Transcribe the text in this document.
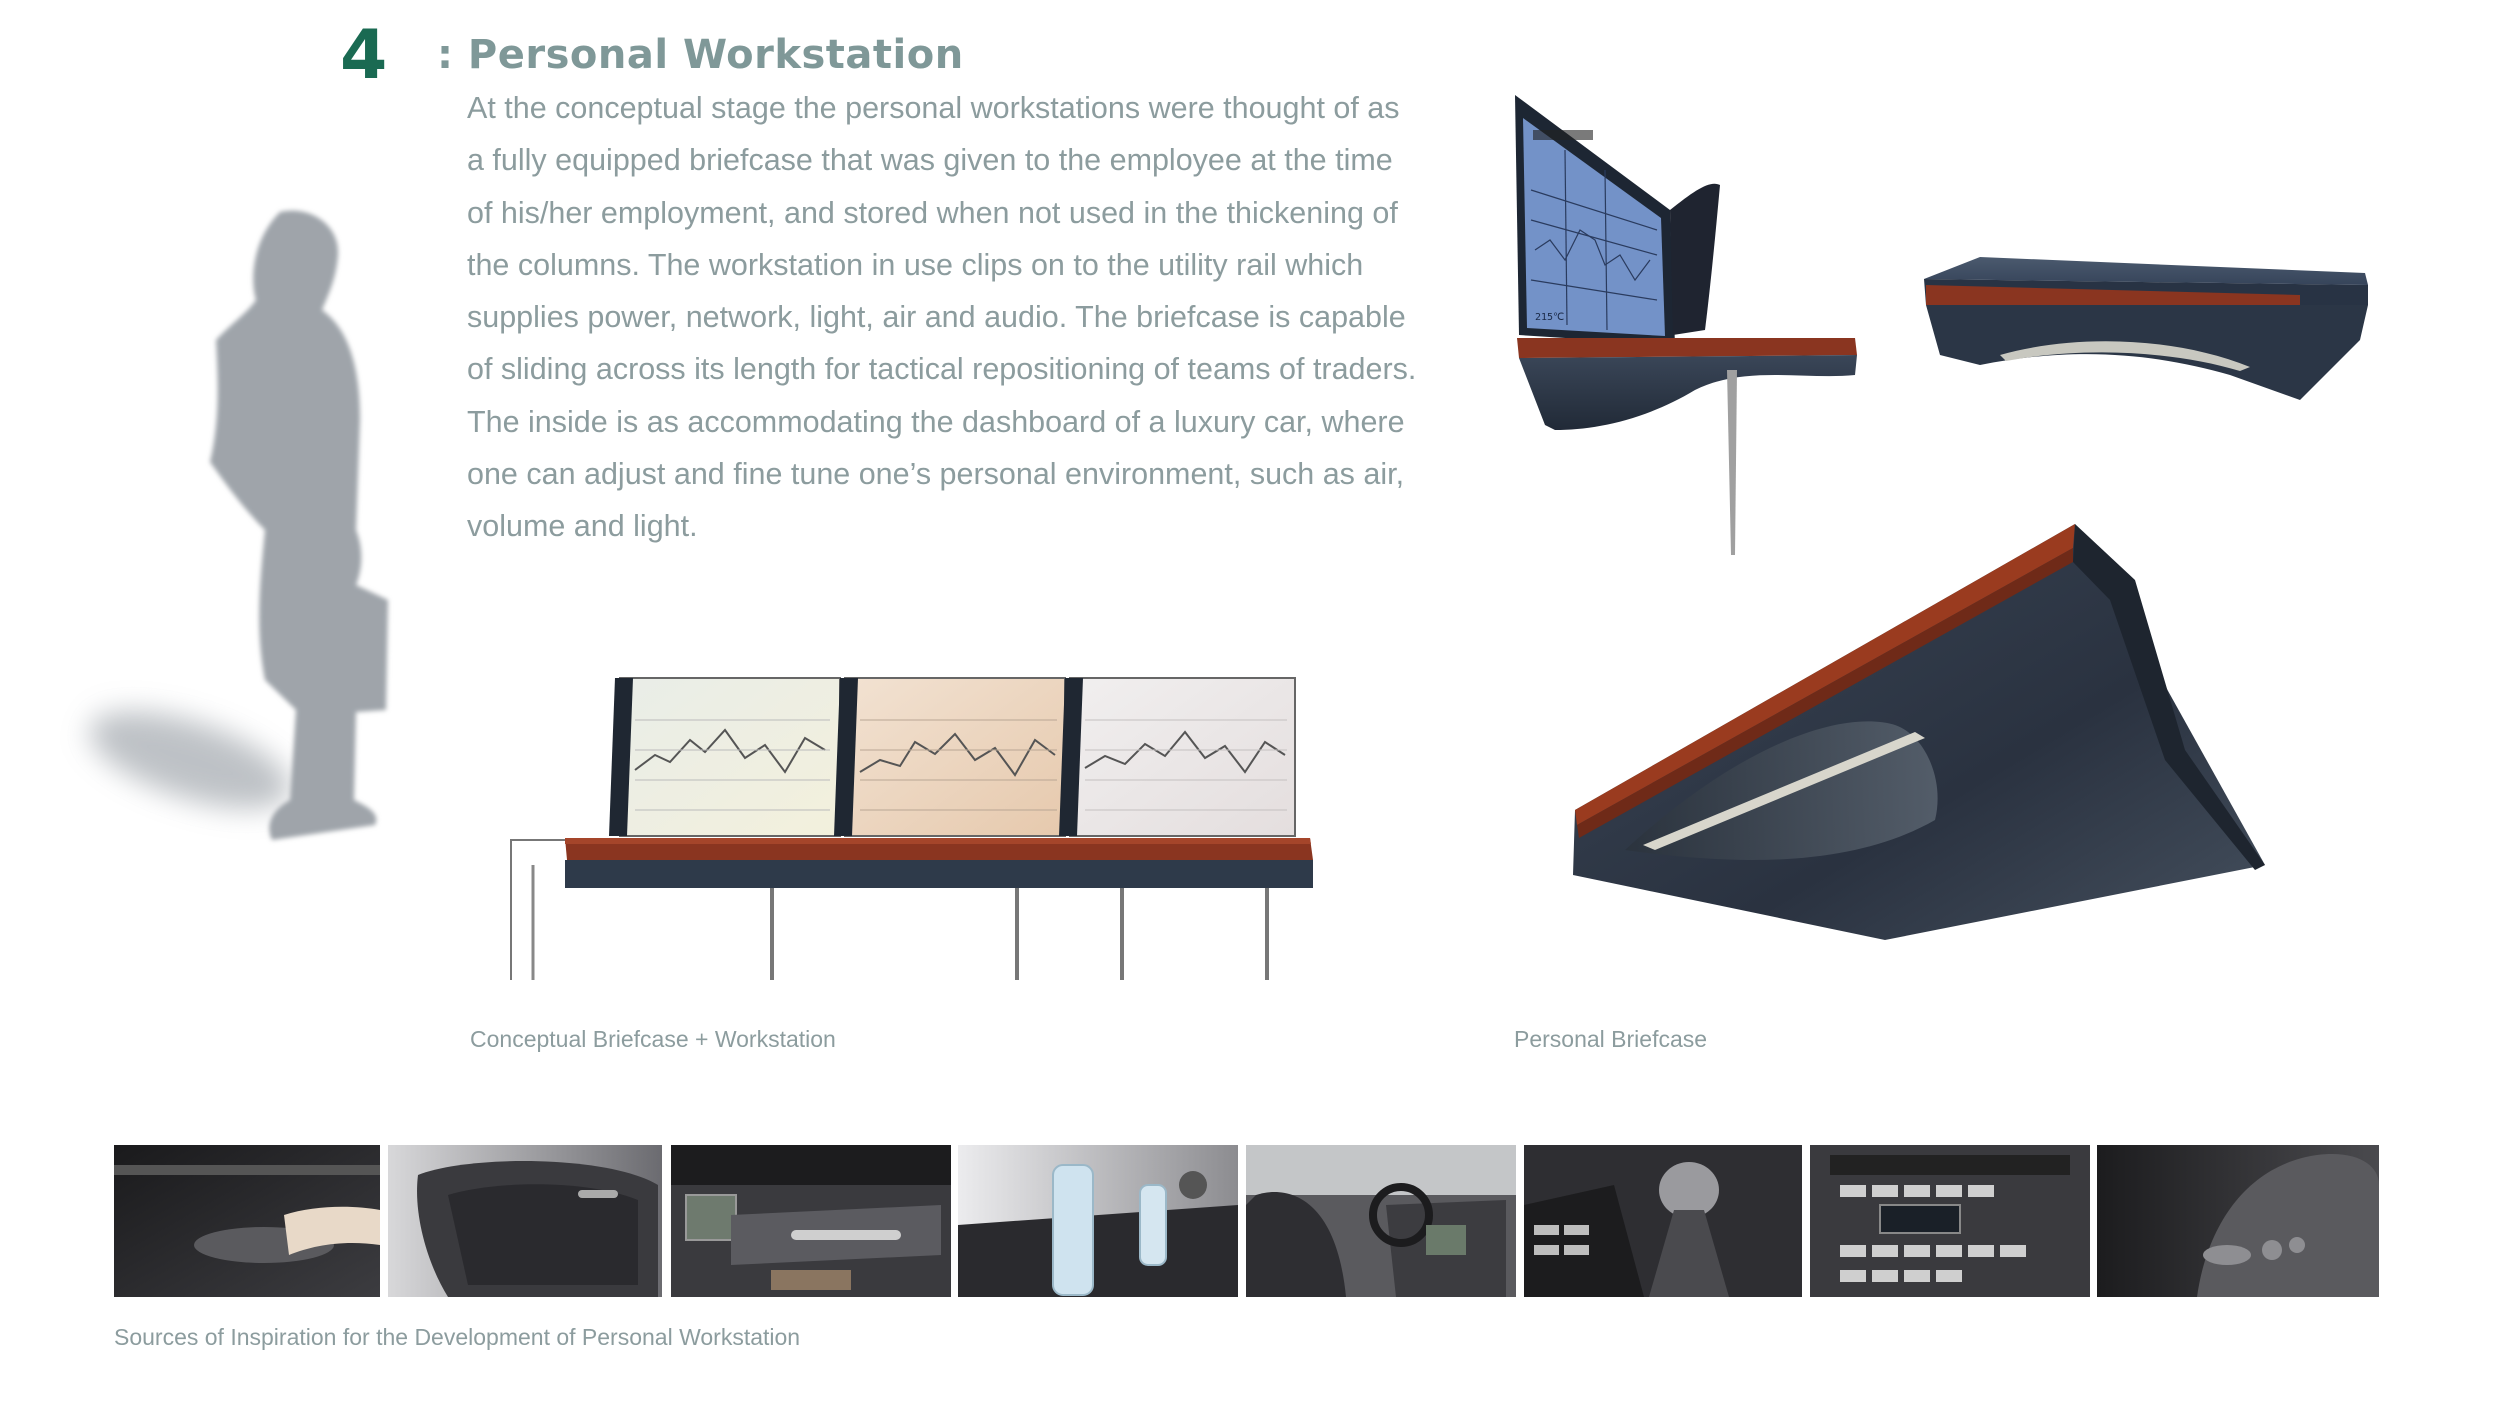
4 : Personal Workstation
At the conceptual stage the personal workstations were thought of as
a fully equipped briefcase that was given to the employee at the time
of his/her employment, and stored when not used in the thickening of
the columns. The workstation in use clips on to the utility rail which
supplies power, network, light, air and audio. The briefcase is capable
of sliding across its length for tactical repositioning of teams of traders.
The inside is as accommodating the dashboard of a luxury car, where
one can adjust and fine tune one’s personal environment, such as air,
volume and light.
215℃
Conceptual Briefcase + Workstation	Personal Briefcase
Sources of Inspiration for the Development of Personal Workstation
